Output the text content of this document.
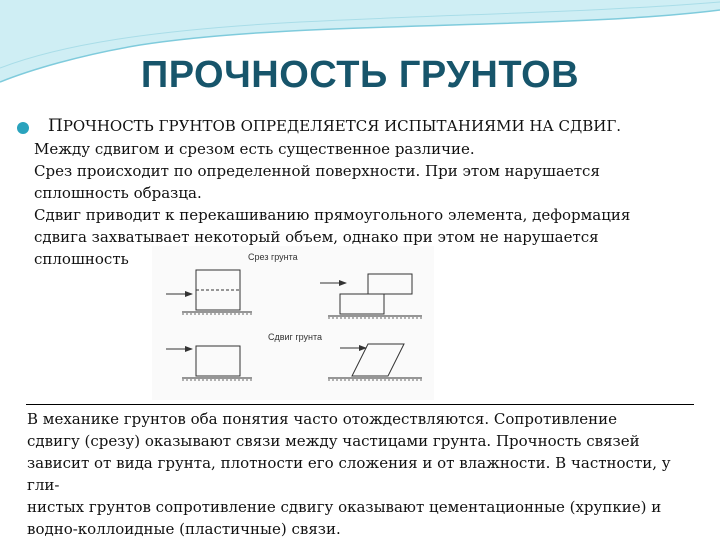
ПРОЧНОСТЬ ГРУНТОВ
ПРОЧНОСТЬ ГРУНТОВ ОПРЕДЕЛЯЕТСЯ ИСПЫТАНИЯМИ НА СДВИГ.
Между сдвигом и срезом есть существенное различие.
Срез происходит по определенной поверхности. При этом нарушается
сплошность образца.
Сдвиг приводит к перекашиванию прямоугольного элемента, деформация
сдвига захватывает некоторый объем, однако при этом не нарушается
сплошность	Срез грунта
Сдвиг грунта
В механике грунтов оба понятия часто отождествляются. Сопротивление
сдвигу (срезу) оказывают связи между частицами грунта. Прочность связей
зависит от вида грунта, плотности его сложения и от влажности. В частности, у
гли-
нистых грунтов сопротивление сдвигу оказывают цементационные (хрупкие) и
водно-коллоидные (пластичные) связи.
